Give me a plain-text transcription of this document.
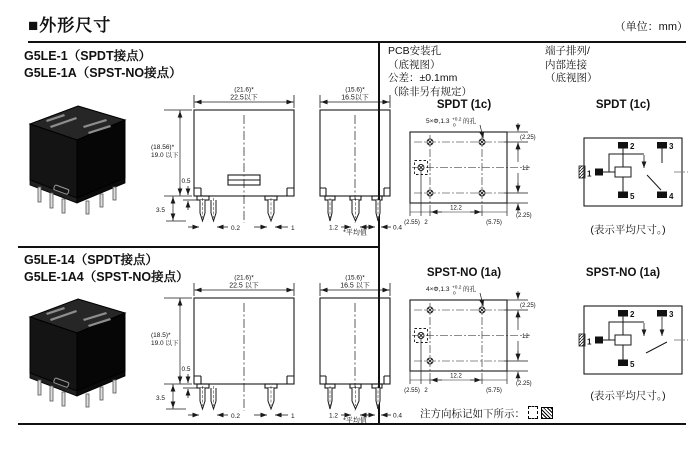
■外形尺寸	（单位：mm）
G5LE-1（SPDT接点）
G5LE-1A（SPST-NO接点）
(21.6)*
22.5以下
(18.56)*
19.0 以下
0.5
3.5
0.2	1
(15.6)*
16.5以下
1.2	0.4
*平均值
PCB安装孔
（底视图）
公差：±0.1mm
（除非另有规定）
端子排列/
内部连接
（底视图）
SPDT (1c)	SPDT (1c)
5×Φ,1.3 +0.2
0
的孔
(2.25)
12
(2.25)
12.2
(2.55) 2	(5.75)
1
2	3
5	4
(表示平均尺寸。)
G5LE-14（SPDT接点）
G5LE-1A4（SPST-NO接点）	(21.6)*
22.5 以下
(18.5)*
19.0 以下
0.5
3.5
0.2	1
(15.6)*
16.5 以下
1.2	0.4
*平均值
SPST-NO (1a)	SPST-NO (1a)
4×Φ,1.3 +0.2
0
的孔
(2.25)
12
(2.25)
12.2
(2.55) 2	(5.75)
1
2	3
5
(表示平均尺寸。)
注方向标记如下所示：
